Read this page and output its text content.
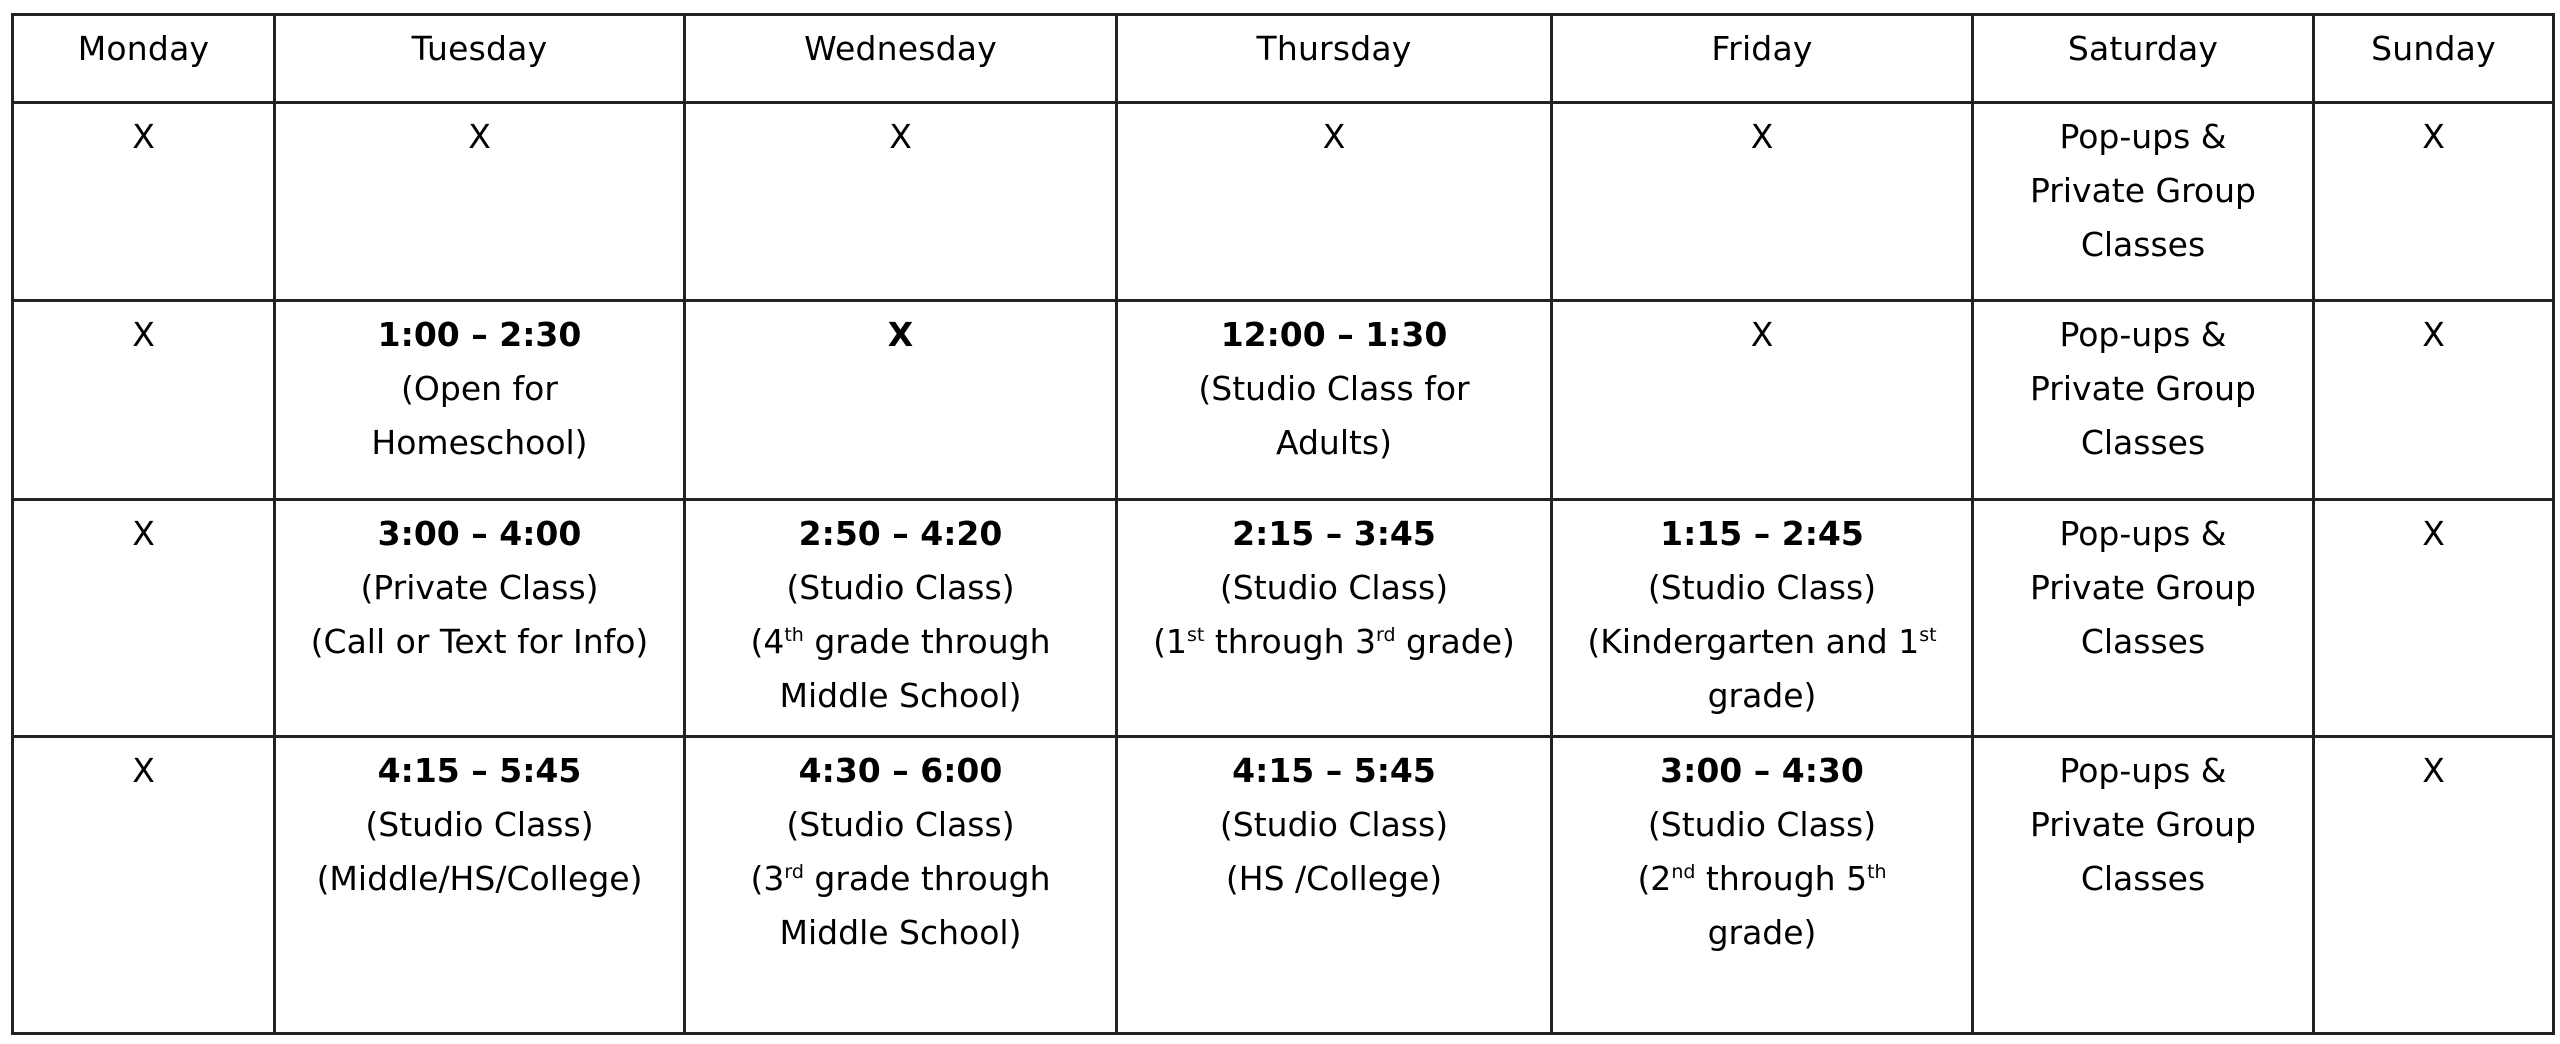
Monday	Tuesday	Wednesday	Thursday	Friday	Saturday	Sunday

X	X	X	X	X	Pop-ups &
Private Group
Classes	X

X	1:00 – 2:30
(Open for
Homeschool)	X	12:00 – 1:30
(Studio Class for
Adults)	X	Pop-ups &
Private Group
Classes	X

X	3:00 – 4:00
(Private Class)
(Call or Text for Info)	2:50 – 4:20
(Studio Class)
(4th grade through
Middle School)	2:15 – 3:45
(Studio Class)
(1st through 3rd grade)	1:15 – 2:45
(Studio Class)
(Kindergarten and 1st
grade)	Pop-ups &
Private Group
Classes	X

X	4:15 – 5:45
(Studio Class)
(Middle/HS/College)	4:30 – 6:00
(Studio Class)
(3rd grade through
Middle School)	4:15 – 5:45
(Studio Class)
(HS /College)	3:00 – 4:30
(Studio Class)
(2nd through 5th
grade)	Pop-ups &
Private Group
Classes	X
